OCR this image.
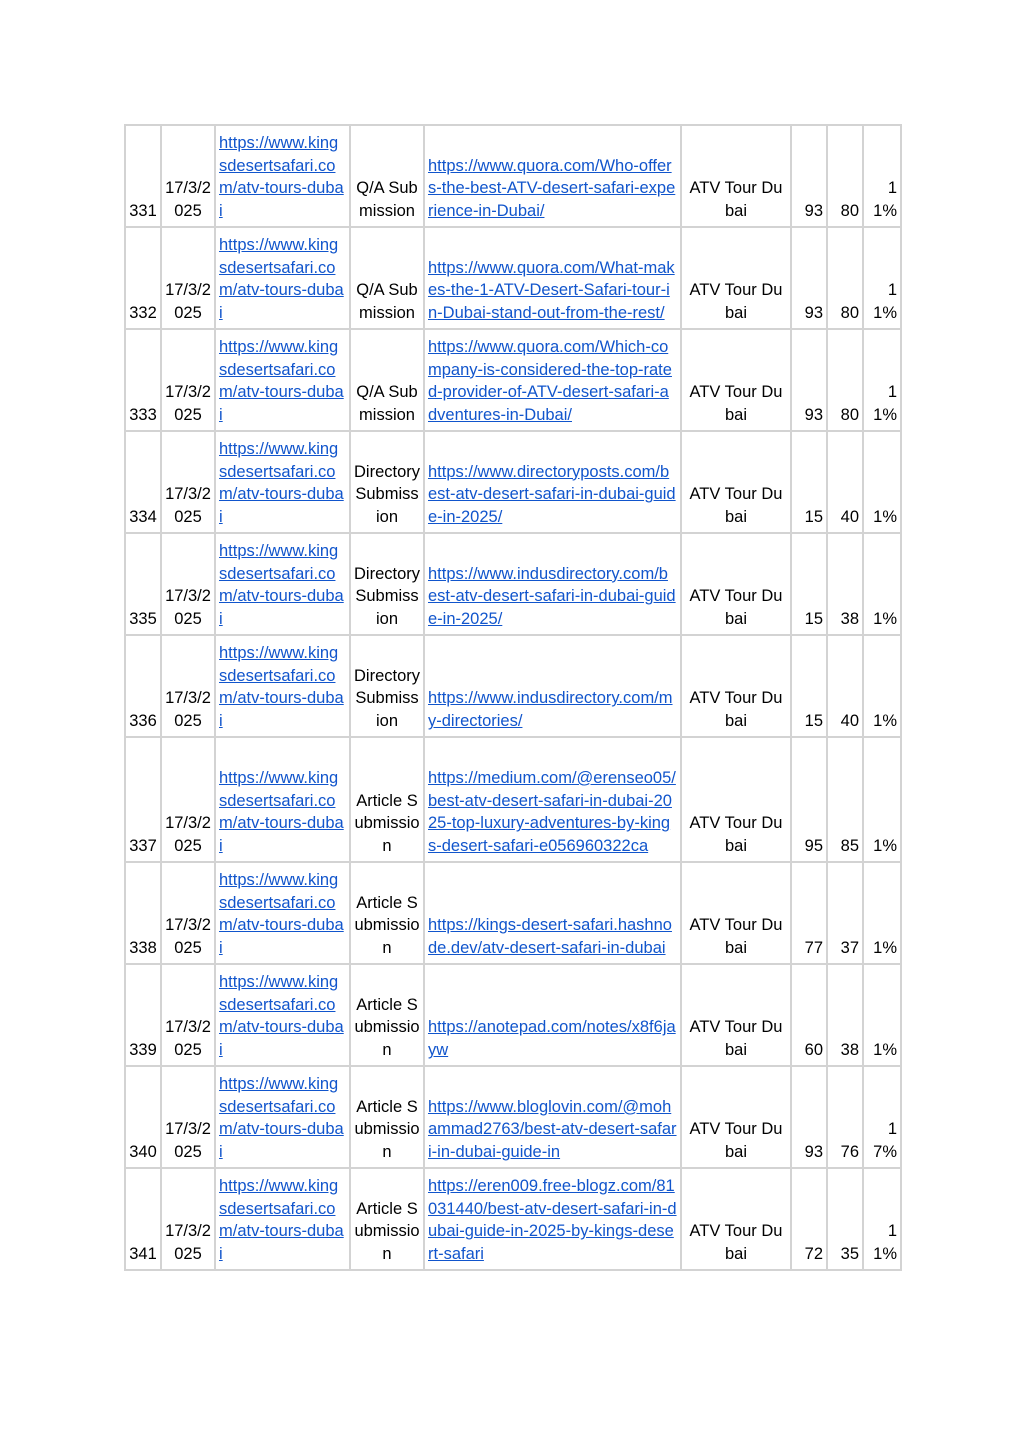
331	17/3/2025	https://www.kingsdesertsafari.com/atv-tours-dubai	Q/A Submission	https://www.quora.com/Who-offers-the-best-ATV-desert-safari-experience-in-Dubai/	ATV Tour Dubai	93	80	11%
332	17/3/2025	https://www.kingsdesertsafari.com/atv-tours-dubai	Q/A Submission	https://www.quora.com/What-makes-the-1-ATV-Desert-Safari-tour-in-Dubai-stand-out-from-the-rest/	ATV Tour Dubai	93	80	11%
333	17/3/2025	https://www.kingsdesertsafari.com/atv-tours-dubai	Q/A Submission	https://www.quora.com/Which-company-is-considered-the-top-rated-provider-of-ATV-desert-safari-adventures-in-Dubai/	ATV Tour Dubai	93	80	11%
334	17/3/2025	https://www.kingsdesertsafari.com/atv-tours-dubai	Directory Submission	https://www.directoryposts.com/best-atv-desert-safari-in-dubai-guide-in-2025/	ATV Tour Dubai	15	40	1%
335	17/3/2025	https://www.kingsdesertsafari.com/atv-tours-dubai	Directory Submission	https://www.indusdirectory.com/best-atv-desert-safari-in-dubai-guide-in-2025/	ATV Tour Dubai	15	38	1%
336	17/3/2025	https://www.kingsdesertsafari.com/atv-tours-dubai	Directory Submission	https://www.indusdirectory.com/my-directories/	ATV Tour Dubai	15	40	1%
337	17/3/2025	https://www.kingsdesertsafari.com/atv-tours-dubai	Article Submission	https://medium.com/@erenseo05/best-atv-desert-safari-in-dubai-2025-top-luxury-adventures-by-kings-desert-safari-e056960322ca	ATV Tour Dubai	95	85	1%
338	17/3/2025	https://www.kingsdesertsafari.com/atv-tours-dubai	Article Submission	https://kings-desert-safari.hashnode.dev/atv-desert-safari-in-dubai	ATV Tour Dubai	77	37	1%
339	17/3/2025	https://www.kingsdesertsafari.com/atv-tours-dubai	Article Submission	https://anotepad.com/notes/x8f6jayw	ATV Tour Dubai	60	38	1%
340	17/3/2025	https://www.kingsdesertsafari.com/atv-tours-dubai	Article Submission	https://www.bloglovin.com/@mohammad2763/best-atv-desert-safari-in-dubai-guide-in	ATV Tour Dubai	93	76	17%
341	17/3/2025	https://www.kingsdesertsafari.com/atv-tours-dubai	Article Submission	https://eren009.free-blogz.com/81031440/best-atv-desert-safari-in-dubai-guide-in-2025-by-kings-desert-safari	ATV Tour Dubai	72	35	11%
